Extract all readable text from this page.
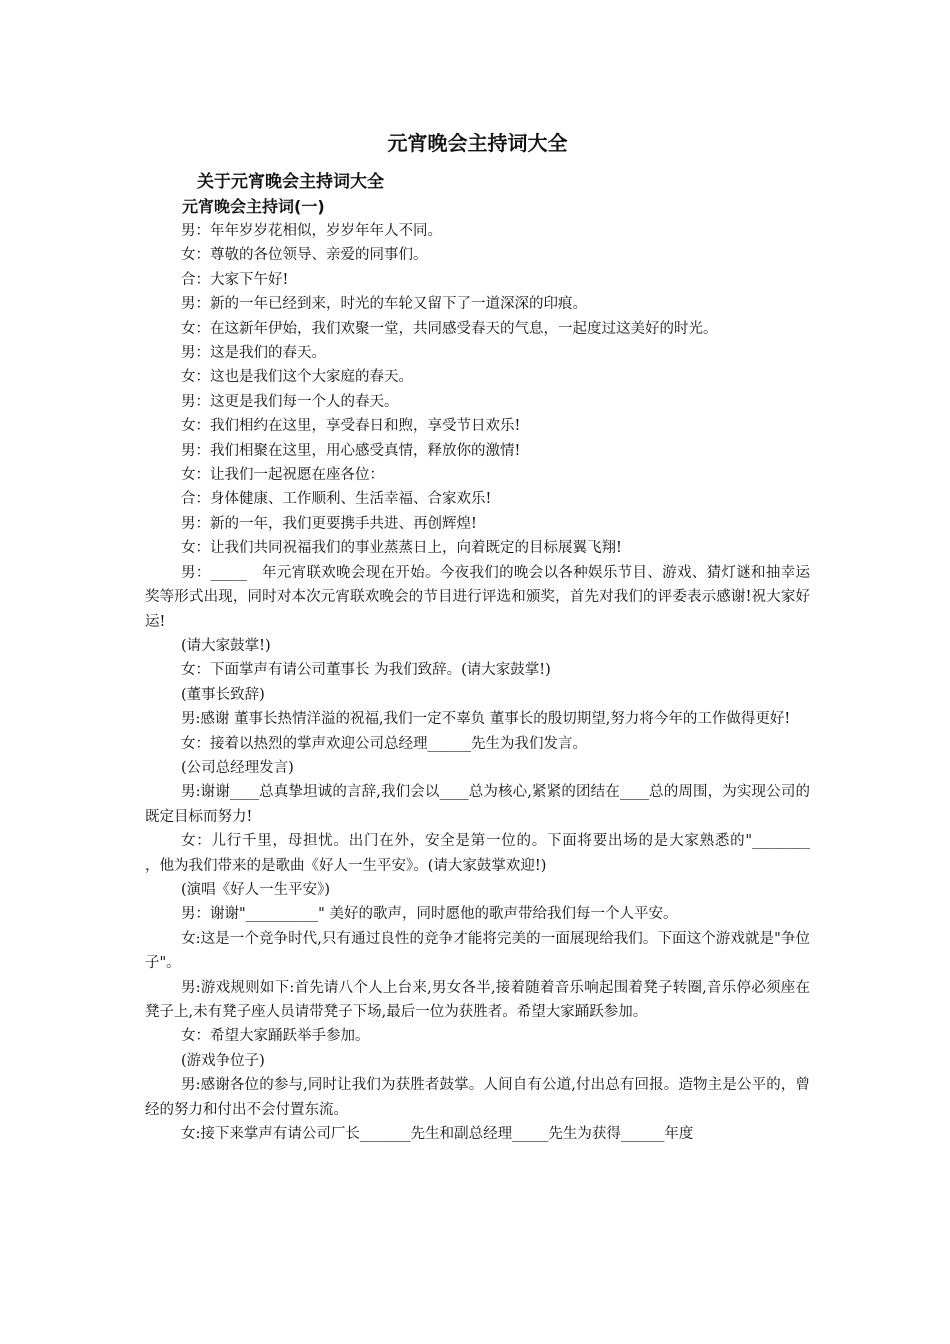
元宵晚会主持词大全
关于元宵晚会主持词大全
元宵晚会主持词(一)

男：年年岁岁花相似，岁岁年年人不同。

女：尊敬的各位领导、亲爱的同事们。

合：大家下午好!

男：新的一年已经到来，时光的车轮又留下了一道深深的印痕。

女：在这新年伊始，我们欢聚一堂，共同感受春天的气息，一起度过这美好的时光。

男：这是我们的春天。

女：这也是我们这个大家庭的春天。

男：这更是我们每一个人的春天。

女：我们相约在这里，享受春日和煦，享受节日欢乐!

男：我们相聚在这里，用心感受真情，释放你的激情!

女：让我们一起祝愿在座各位：

合：身体健康、工作顺利、生活幸福、合家欢乐!

男：新的一年，我们更要携手共进、再创辉煌!

女：让我们共同祝福我们的事业蒸蒸日上，向着既定的目标展翼飞翔!

男：_____　年元宵联欢晚会现在开始。今夜我们的晚会以各种娱乐节目、游戏、猜灯谜和抽幸运奖等形式出现，同时对本次元宵联欢晚会的节目进行评选和颁奖，首先对我们的评委表示感谢!祝大家好运!

(请大家鼓掌!)

女：下面掌声有请公司董事长 为我们致辞。(请大家鼓掌!)

(董事长致辞)

男:感谢 董事长热情洋溢的祝福,我们一定不辜负 董事长的殷切期望,努力将今年的工作做得更好!

女：接着以热烈的掌声欢迎公司总经理______先生为我们发言。

(公司总经理发言)

男:谢谢____总真挚坦诚的言辞,我们会以____总为核心,紧紧的团结在____总的周围，为实现公司的既定目标而努力!

女：儿行千里，母担忧。出门在外，安全是第一位的。下面将要出场的是大家熟悉的"________　，他为我们带来的是歌曲《好人一生平安》。(请大家鼓掌欢迎!)

(演唱《好人一生平安》)

男：谢谢"__________" 美好的歌声，同时愿他的歌声带给我们每一个人平安。

女:这是一个竞争时代,只有通过良性的竞争才能将完美的一面展现给我们。下面这个游戏就是"争位子"。

男:游戏规则如下:首先请八个人上台来,男女各半,接着随着音乐响起围着凳子转圈,音乐停必须座在凳子上,未有凳子座人员请带凳子下场,最后一位为获胜者。希望大家踊跃参加。

女：希望大家踊跃举手参加。

(游戏争位子)

男:感谢各位的参与,同时让我们为获胜者鼓掌。人间自有公道,付出总有回报。造物主是公平的，曾经的努力和付出不会付置东流。

女:接下来掌声有请公司厂长_______先生和副总经理_____先生为获得______年度
